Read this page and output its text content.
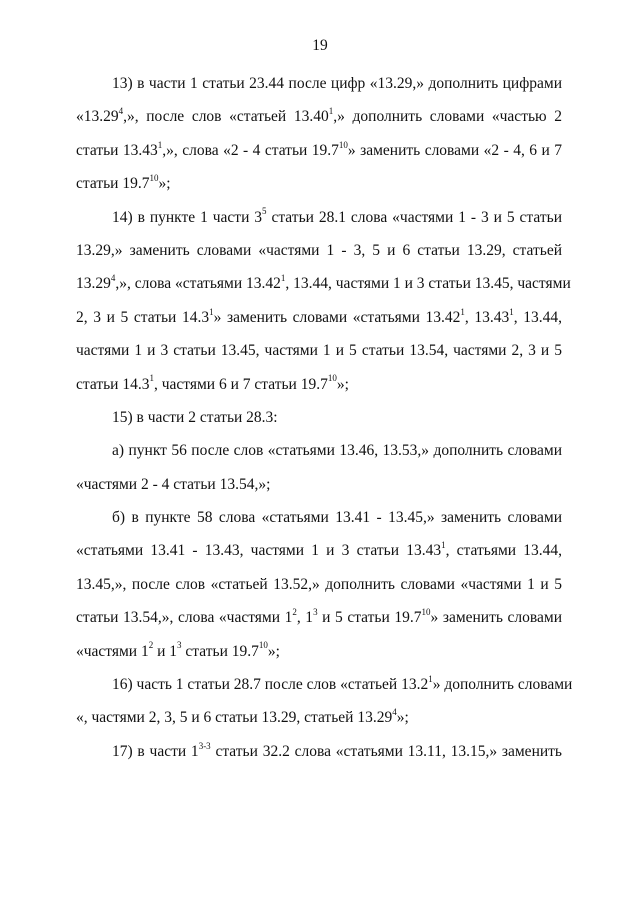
19
13) в части 1 статьи 23.44 после цифр «13.29,» дополнить цифрами
«13.29$^4$,», после слов «статьей 13.40$^1$,» дополнить словами «частью 2
статьи 13.43$^1$,», слова «2 - 4 статьи 19.7$^{10}$» заменить словами «2 - 4, 6 и 7
статьи 19.7$^{10}$»;
14) в пункте 1 части $3^5$ статьи 28.1 слова «частями 1 - 3 и 5 статьи
13.29,» заменить словами «частями 1 - 3, 5 и 6 статьи 13.29, статьей
13.29$^4$,», слова «статьями 13.42$^1$, 13.44, частями 1 и 3 статьи 13.45, частями
2, 3 и 5 статьи 14.3$^1$» заменить словами «статьями 13.42$^1$, 13.43$^1$, 13.44,
частями 1 и 3 статьи 13.45, частями 1 и 5 статьи 13.54, частями 2, 3 и 5
статьи 14.3$^1$, частями 6 и 7 статьи 19.7$^{10}$»;
15) в части 2 статьи 28.3:
а) пункт 56 после слов «статьями 13.46, 13.53,» дополнить словами
«частями 2 - 4 статьи 13.54,»;
б) в пункте 58 слова «статьями 13.41 - 13.45,» заменить словами
«статьями 13.41 - 13.43, частями 1 и 3 статьи 13.43$^1$, статьями 13.44,
13.45,», после слов «статьей 13.52,» дополнить словами «частями 1 и 5
статьи 13.54,», слова «частями $1^2$, $1^3$ и 5 статьи 19.7$^{10}$» заменить словами
«частями $1^2$ и $1^3$ статьи 19.7$^{10}$»;
16) часть 1 статьи 28.7 после слов «статьей 13.2$^1$» дополнить словами
«, частями 2, 3, 5 и 6 статьи 13.29, статьей 13.29$^4$»;
17) в части 1$^{3-3}$ статьи 32.2 слова «статьями 13.11, 13.15,» заменить
